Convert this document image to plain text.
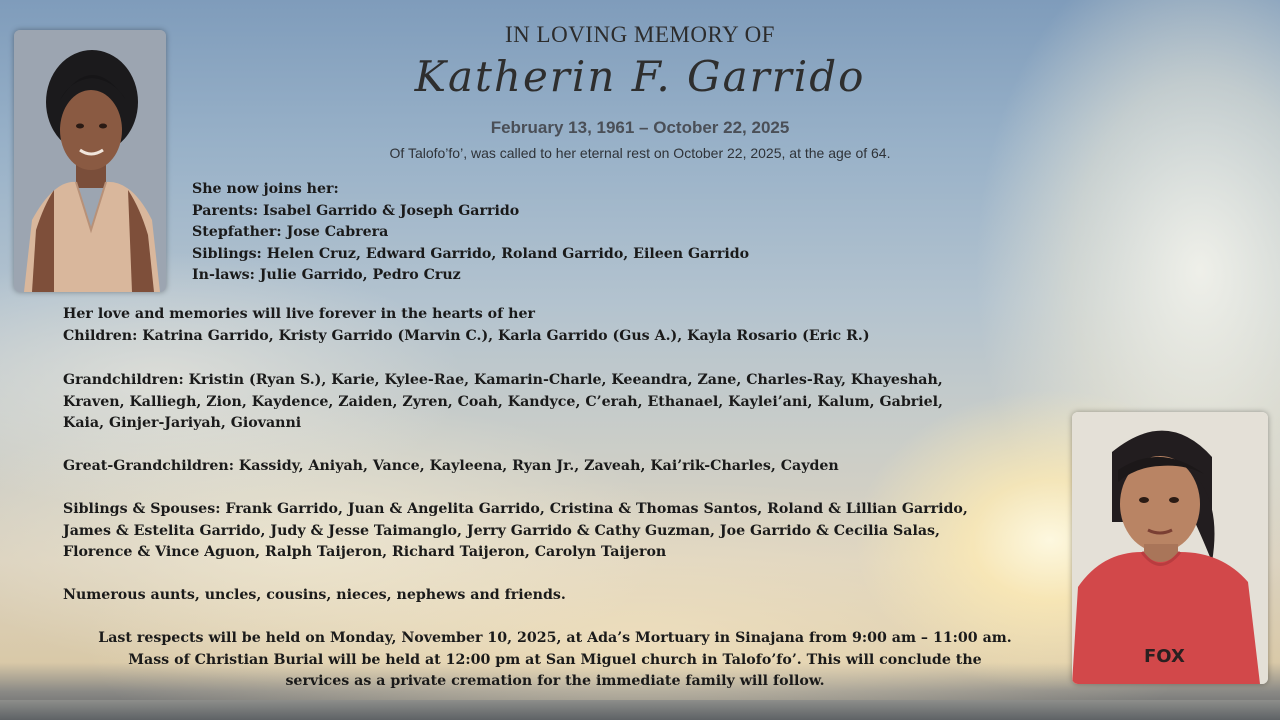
IN LOVING MEMORY OF
Katherin F. Garrido
February 13, 1961 – October 22, 2025
Of Talofo’fo’, was called to her eternal rest on October 22, 2025, at the age of 64.
She now joins her:
Parents: Isabel Garrido & Joseph Garrido
Stepfather: Jose Cabrera
Siblings: Helen Cruz, Edward Garrido, Roland Garrido, Eileen Garrido
In-laws: Julie Garrido, Pedro Cruz
Her love and memories will live forever in the hearts of her
Children: Katrina Garrido, Kristy Garrido (Marvin C.), Karla Garrido (Gus A.), Kayla Rosario (Eric R.)
Grandchildren: Kristin (Ryan S.), Karie, Kylee-Rae, Kamarin-Charle, Keeandra, Zane, Charles-Ray, Khayeshah,
Kraven, Kalliegh, Zion, Kaydence, Zaiden, Zyren, Coah, Kandyce, C’erah, Ethanael, Kaylei’ani, Kalum, Gabriel,
Kaia, Ginjer-Jariyah, Giovanni
Great-Grandchildren: Kassidy, Aniyah, Vance, Kayleena, Ryan Jr., Zaveah, Kai’rik-Charles, Cayden
Siblings & Spouses: Frank Garrido, Juan & Angelita Garrido, Cristina & Thomas Santos, Roland & Lillian Garrido,
James & Estelita Garrido, Judy & Jesse Taimanglo, Jerry Garrido & Cathy Guzman, Joe Garrido & Cecilia Salas,
Florence & Vince Aguon, Ralph Taijeron, Richard Taijeron, Carolyn Taijeron
Numerous aunts, uncles, cousins, nieces, nephews and friends.
Last respects will be held on Monday, November 10, 2025, at Ada’s Mortuary in Sinajana from 9:00 am – 11:00 am.
Mass of Christian Burial will be held at 12:00 pm at San Miguel church in Talofo’fo’. This will conclude the
services as a private cremation for the immediate family will follow.
FOX
